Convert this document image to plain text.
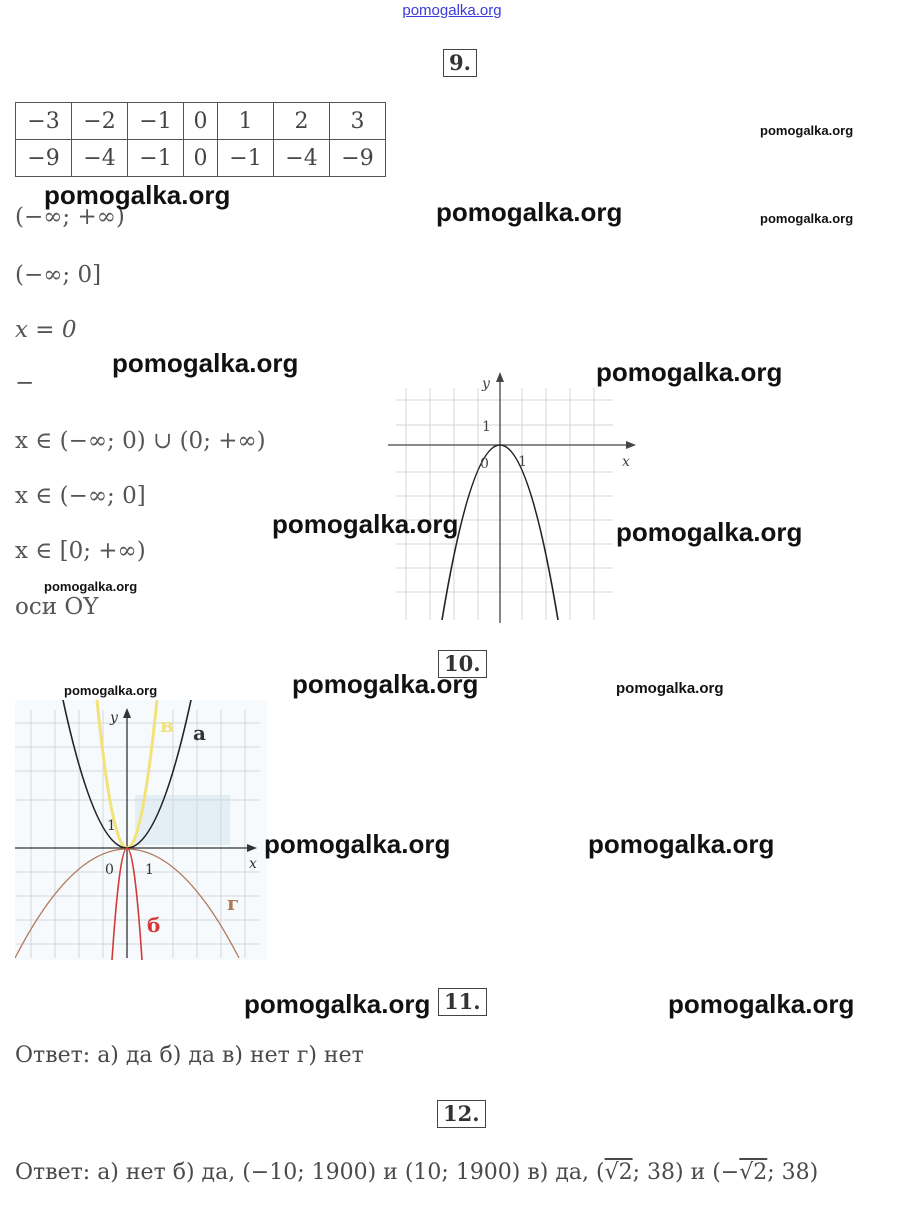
pomogalka.org
9.
−3	−2	−1	0	1	2	3
−9	−4	−1	0	−1	−4	−9
(−∞; +∞)
(−∞; 0]
x = 0
−
x ∈ (−∞; 0) ∪ (0; +∞)
x ∈ (−∞; 0]
x ∈ [0; +∞)
оси OY
y
x
1
1
0
10.
y
x
1
1
0
а
в
б
г
11.
Ответ: а) да б) да в) нет г) нет
12.
Ответ: а) нет б) да, (−10; 1900) и (10; 1900) в) да, (√2; 38) и (−√2; 38)
pomogalka.org
pomogalka.org
pomogalka.org
pomogalka.org
pomogalka.org	pomogalka.org
pomogalka.org	pomogalka.org
pomogalka.org
pomogalka.org	pomogalka.org	pomogalka.org
pomogalka.org	pomogalka.org
pomogalka.org	pomogalka.org
